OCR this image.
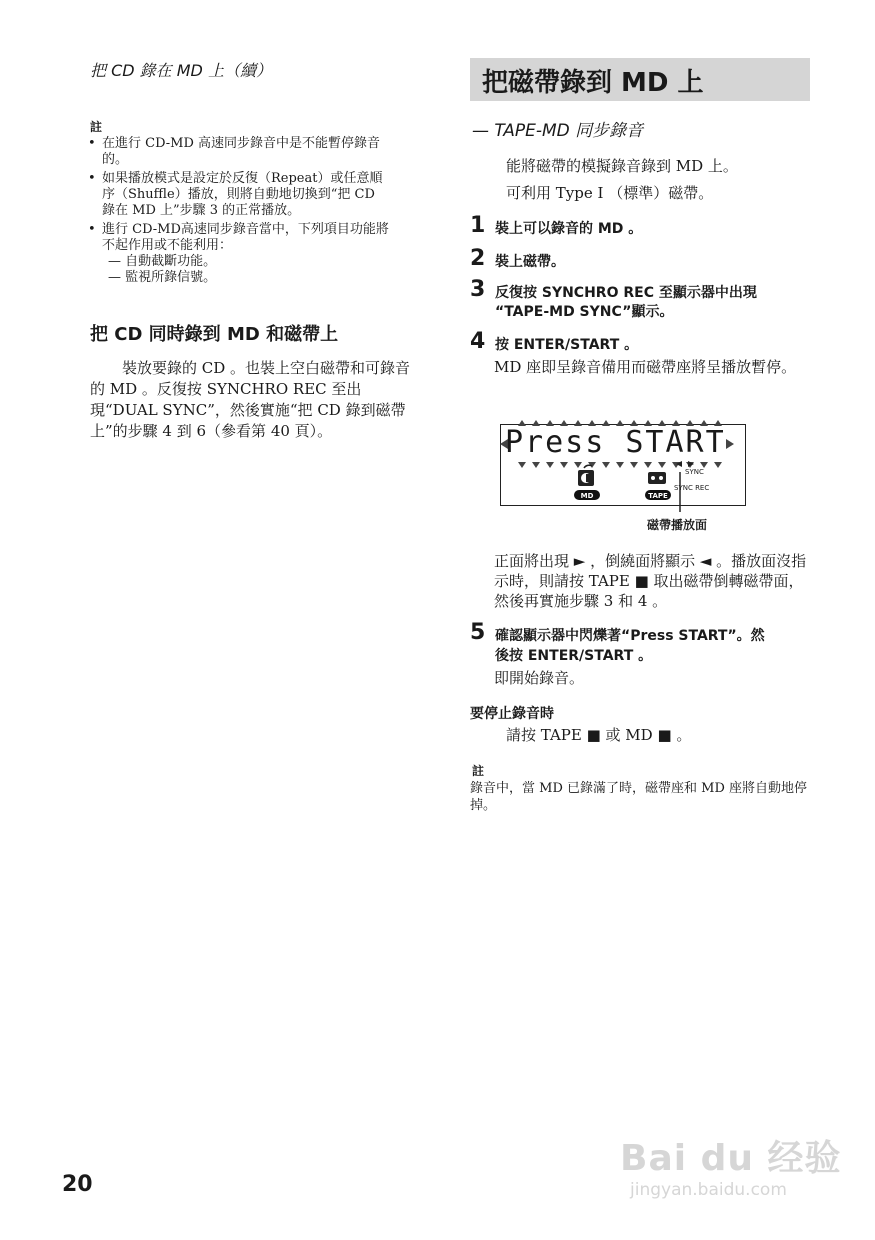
把 CD 錄在 MD 上（續）
註
• 在進行 CD-MD 高速同步錄音中是不能暫停錄音
的。
• 如果播放模式是設定於反復（Repeat）或任意順
序（Shuffle）播放，則將自動地切換到“把 CD
錄在 MD 上”步驟 3 的正常播放。
• 進行 CD-MD高速同步錄音當中，下列項目功能將
不起作用或不能利用：
— 自動截斷功能。
— 監視所錄信號。
把 CD 同時錄到 MD 和磁帶上
裝放要錄的 CD 。也裝上空白磁帶和可錄音的 MD 。反復按 SYNCHRO REC 至出現“DUAL SYNC”，然後實施“把 CD 錄到磁帶上”的步驟 4 到 6（參看第 40 頁）。
把磁帶錄到 MD 上
— TAPE-MD 同步錄音
能將磁帶的模擬錄音錄到 MD 上。
可利用 Type Ⅰ （標準）磁帶。
1 裝上可以錄音的 MD 。
2 裝上磁帶。
3 反復按 SYNCHRO REC 至顯示器中出現
“TAPE-MD SYNC”顯示。
4 按 ENTER/START 。
MD 座即呈錄音備用而磁帶座將呈播放暫停。
MD	TAPE
SYNC
SYNC REC
Press START
磁帶播放面
正面將出現 ► ，倒繞面將顯示 ◄ 。播放面沒指示時，則請按 TAPE ■ 取出磁帶倒轉磁帶面，然後再實施步驟 3 和 4 。
5 確認顯示器中閃爍著“Press START”。然
後按 ENTER/START 。
即開始錄音。
要停止錄音時
請按 TAPE ■ 或 MD ■ 。
註
錄音中，當 MD 已錄滿了時，磁帶座和 MD 座將自動地停掉。
20
Bai du 经验
jingyan.baidu.com
